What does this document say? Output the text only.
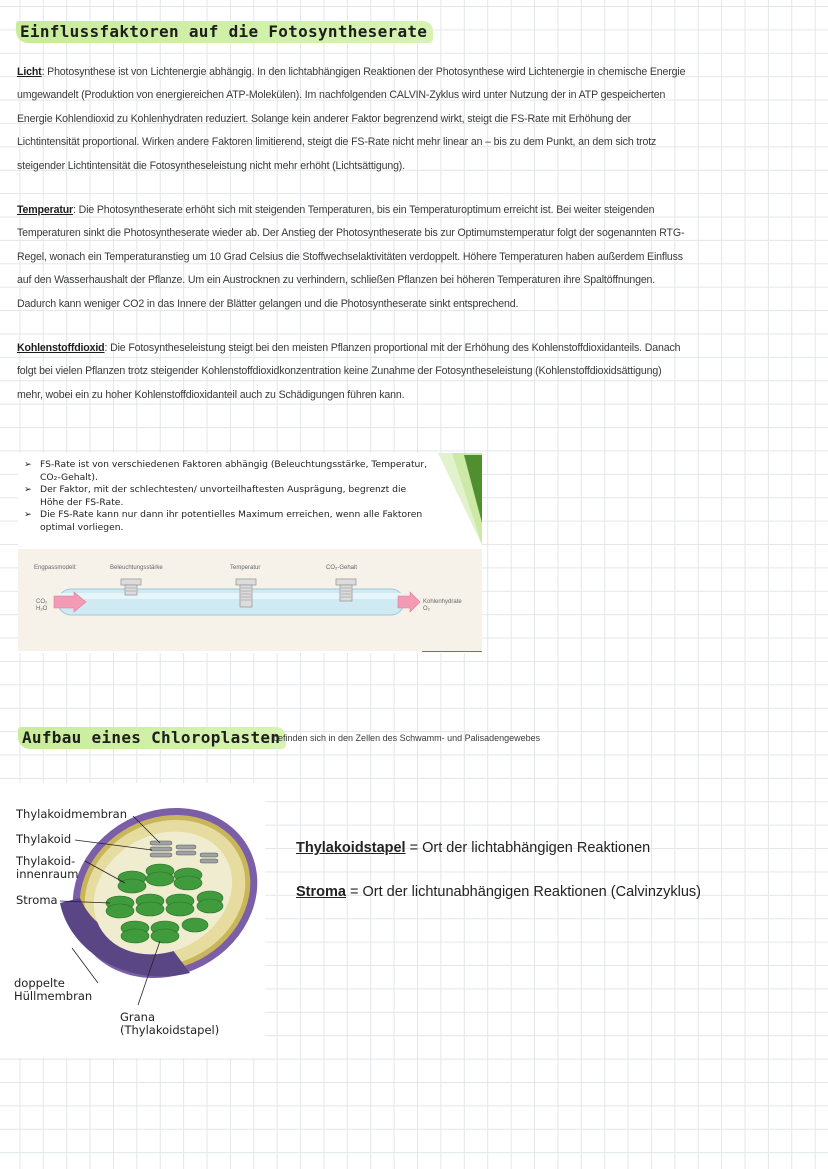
Einflussfaktoren auf die Fotosyntheserate
Licht: Photosynthese ist von Lichtenergie abhängig. In den lichtabhängigen Reaktionen der Photosynthese wird Lichtenergie in chemische Energie umgewandelt (Produktion von energiereichen ATP-Molekülen). Im nachfolgenden CALVIN-Zyklus wird unter Nutzung der in ATP gespeicherten Energie Kohlendioxid zu Kohlenhydraten reduziert. Solange kein anderer Faktor begrenzend wirkt, steigt die FS-Rate mit Erhöhung der Lichtintensität proportional. Wirken andere Faktoren limitierend, steigt die FS-Rate nicht mehr linear an – bis zu dem Punkt, an dem sich trotz steigender Lichtintensität die Fotosyntheseleistung nicht mehr erhöht (Lichtsättigung).
Temperatur: Die Photosyntheserate erhöht sich mit steigenden Temperaturen, bis ein Temperaturoptimum erreicht ist. Bei weiter steigenden Temperaturen sinkt die Photosyntheserate wieder ab. Der Anstieg der Photosyntheserate bis zur Optimumstemperatur folgt der sogenannten RTG-Regel, wonach ein Temperaturanstieg um 10 Grad Celsius die Stoffwechselaktivitäten verdoppelt. Höhere Temperaturen haben außerdem Einfluss auf den Wasserhaushalt der Pflanze. Um ein Austrocknen zu verhindern, schließen Pflanzen bei höheren Temperaturen ihre Spaltöffnungen. Dadurch kann weniger CO2 in das Innere der Blätter gelangen und die Photosyntheserate sinkt entsprechend.
Kohlenstoffdioxid: Die Fotosyntheseleistung steigt bei den meisten Pflanzen proportional mit der Erhöhung des Kohlenstoffdioxidanteils. Danach folgt bei vielen Pflanzen trotz steigender Kohlenstoffdioxidkonzentration keine Zunahme der Fotosyntheseleistung (Kohlenstoffdioxidsättigung) mehr, wobei ein zu hoher Kohlenstoffdioxidanteil auch zu Schädigungen führen kann.
➢ FS-Rate ist von verschiedenen Faktoren abhängig (Beleuchtungsstärke, Temperatur, CO₂-Gehalt).
➢ Der Faktor, mit der schlechtesten/ unvorteilhaftesten Ausprägung, begrenzt die Höhe der FS-Rate.
➢ Die FS-Rate kann nur dann ihr potentielles Maximum erreichen, wenn alle Faktoren optimal vorliegen.
Engpassmodell:	Beleuchtungsstärke	Temperatur	CO₂-Gehalt
CO₂
H₂O
Kohlenhydrate
O₂
Aufbau eines Chloroplasten
befinden sich in den Zellen des Schwamm- und Palisadengewebes
Thylakoidmembran
Thylakoid
Thylakoid-
innenraum
Stroma
doppelte
Hüllmembran
Grana
(Thylakoidstapel)
Thylakoidstapel = Ort der lichtabhängigen Reaktionen
Stroma = Ort der lichtunabhängigen Reaktionen (Calvinzyklus)
